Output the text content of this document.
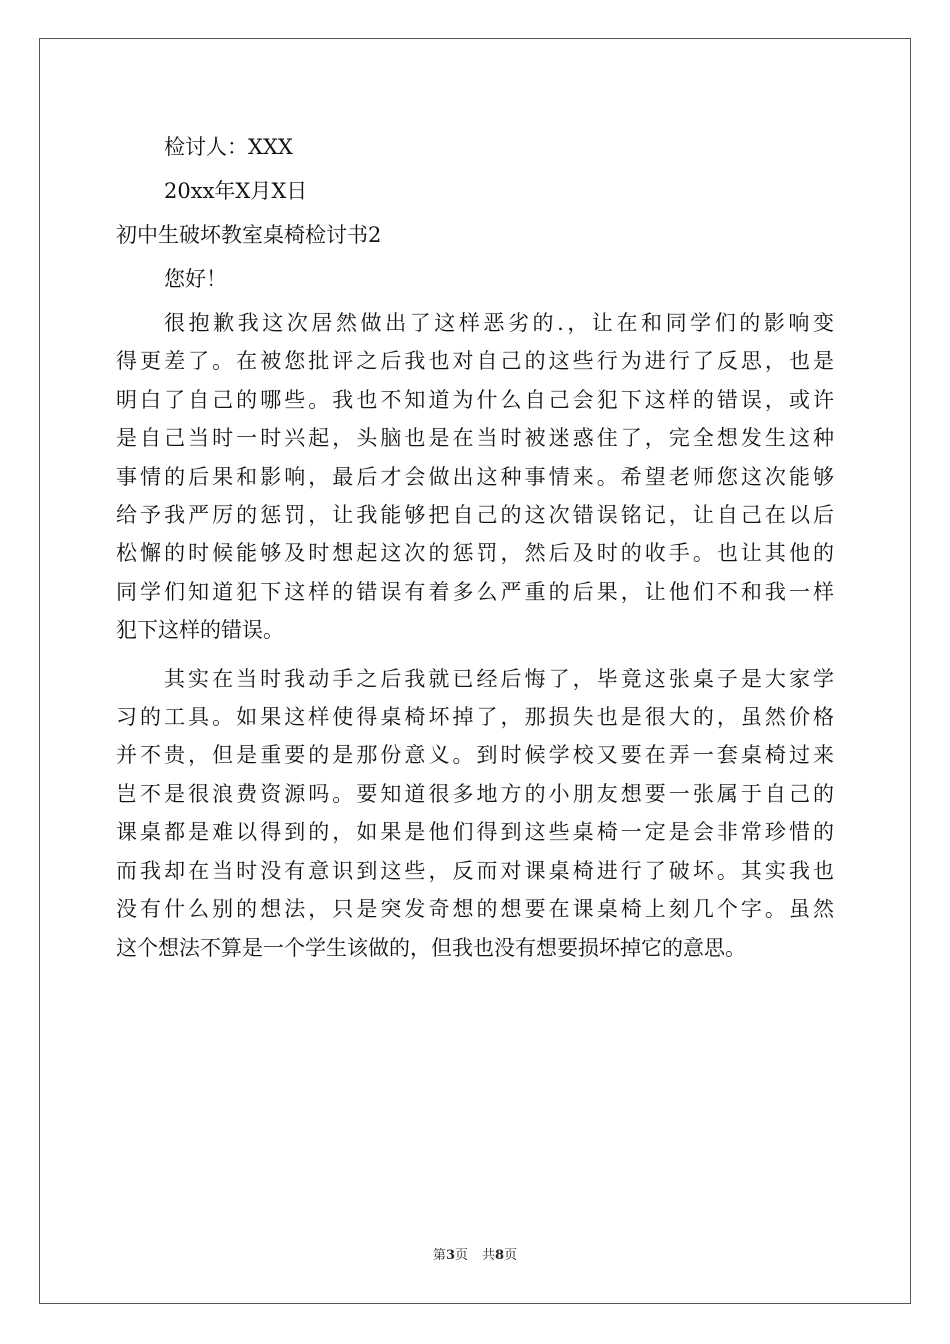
检讨人：XXX
20xx年X月X日
初中生破坏教室桌椅检讨书2
您好！
很抱歉我这次居然做出了这样恶劣的.，让在和同学们的影响变
得更差了。在被您批评之后我也对自己的这些行为进行了反思，也是
明白了自己的哪些。我也不知道为什么自己会犯下这样的错误，或许
是自己当时一时兴起，头脑也是在当时被迷惑住了，完全想发生这种
事情的后果和影响，最后才会做出这种事情来。希望老师您这次能够
给予我严厉的惩罚，让我能够把自己的这次错误铭记，让自己在以后
松懈的时候能够及时想起这次的惩罚，然后及时的收手。也让其他的
同学们知道犯下这样的错误有着多么严重的后果，让他们不和我一样
犯下这样的错误。
其实在当时我动手之后我就已经后悔了，毕竟这张桌子是大家学
习的工具。如果这样使得桌椅坏掉了，那损失也是很大的，虽然价格
并不贵，但是重要的是那份意义。到时候学校又要在弄一套桌椅过来
岂不是很浪费资源吗。要知道很多地方的小朋友想要一张属于自己的
课桌都是难以得到的，如果是他们得到这些桌椅一定是会非常珍惜的
而我却在当时没有意识到这些，反而对课桌椅进行了破坏。其实我也
没有什么别的想法，只是突发奇想的想要在课桌椅上刻几个字。虽然
这个想法不算是一个学生该做的，但我也没有想要损坏掉它的意思。
第3页 共8页
